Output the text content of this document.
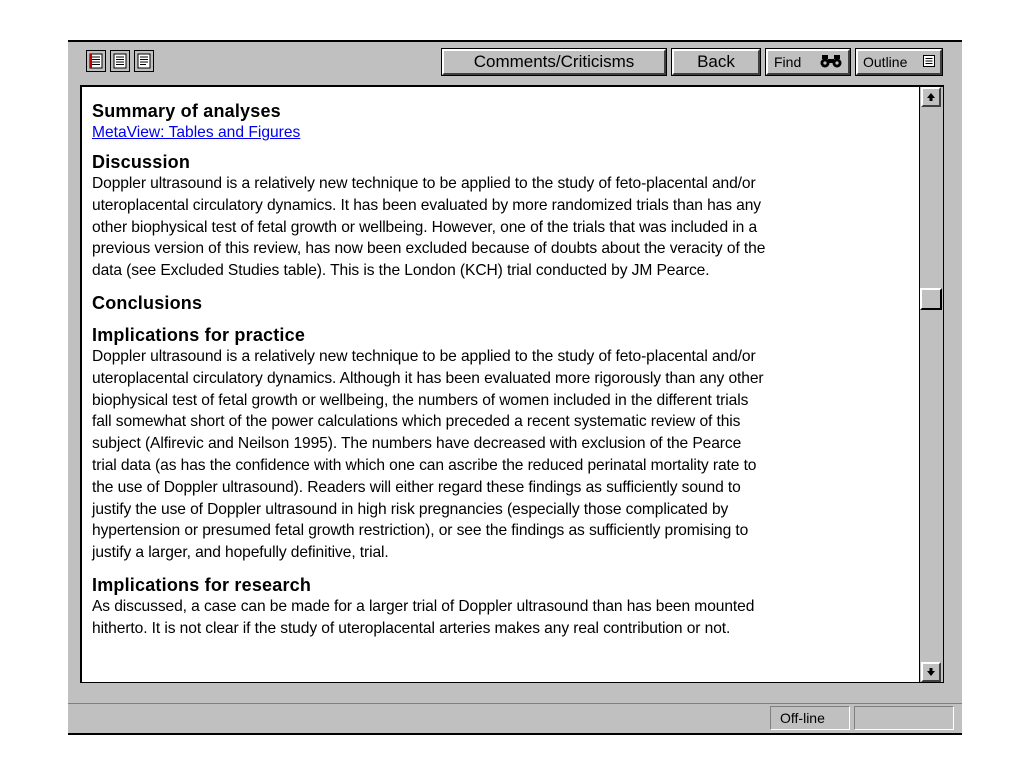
Comments/Criticisms	Back	Find	Outline
Summary of analyses
MetaView: Tables and Figures
Discussion
Doppler ultrasound is a relatively new technique to be applied to the study of feto-placental and/or
uteroplacental circulatory dynamics. It has been evaluated by more randomized trials than has any
other biophysical test of fetal growth or wellbeing. However, one of the trials that was included in a
previous version of this review, has now been excluded because of doubts about the veracity of the
data (see Excluded Studies table). This is the London (KCH) trial conducted by JM Pearce.
Conclusions
Implications for practice
Doppler ultrasound is a relatively new technique to be applied to the study of feto-placental and/or
uteroplacental circulatory dynamics. Although it has been evaluated more rigorously than any other
biophysical test of fetal growth or wellbeing, the numbers of women included in the different trials
fall somewhat short of the power calculations which preceded a recent systematic review of this
subject (Alfirevic and Neilson 1995). The numbers have decreased with exclusion of the Pearce
trial data (as has the confidence with which one can ascribe the reduced perinatal mortality rate to
the use of Doppler ultrasound). Readers will either regard these findings as sufficiently sound to
justify the use of Doppler ultrasound in high risk pregnancies (especially those complicated by
hypertension or presumed fetal growth restriction), or see the findings as sufficiently promising to
justify a larger, and hopefully definitive, trial.
Implications for research
As discussed, a case can be made for a larger trial of Doppler ultrasound than has been mounted
hitherto. It is not clear if the study of uteroplacental arteries makes any real contribution or not.
Off-line
